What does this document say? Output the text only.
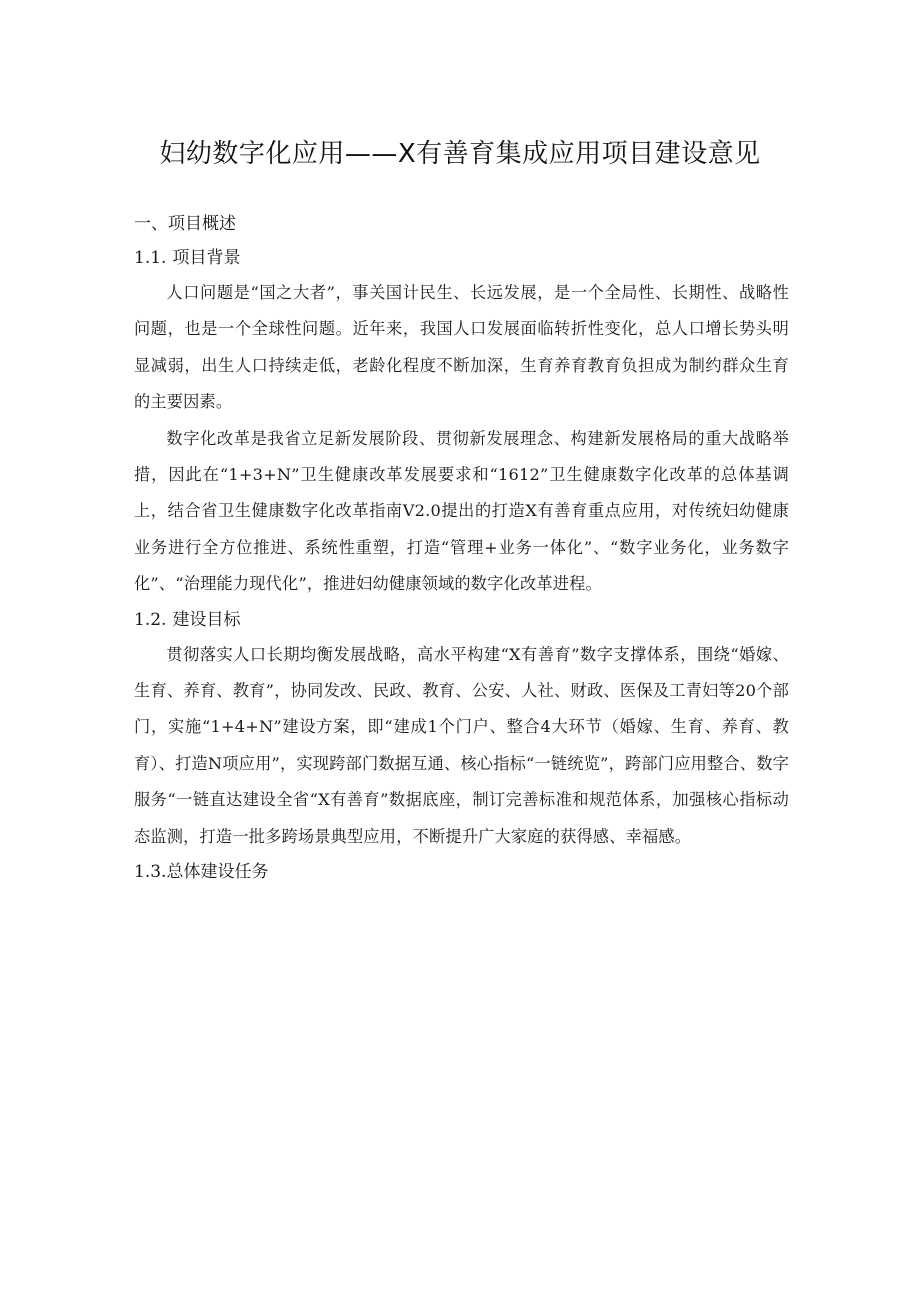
妇幼数字化应用——X有善育集成应用项目建设意见
一、项目概述
1.1. 项目背景

人口问题是“国之大者”，事关国计民生、长远发展，是一个全局性、长期性、战略性问题，也是一个全球性问题。近年来，我国人口发展面临转折性变化，总人口增长势头明显减弱，出生人口持续走低，老龄化程度不断加深，生育养育教育负担成为制约群众生育的主要因素。

数字化改革是我省立足新发展阶段、贯彻新发展理念、构建新发展格局的重大战略举措，因此在“1+3+N”卫生健康改革发展要求和“1612”卫生健康数字化改革的总体基调上，结合省卫生健康数字化改革指南V2.0提出的打造X有善育重点应用，对传统妇幼健康业务进行全方位推进、系统性重塑，打造“管理+业务一体化”、“数字业务化，业务数字化”、“治理能力现代化”，推进妇幼健康领域的数字化改革进程。

1.2. 建设目标

贯彻落实人口长期均衡发展战略，高水平构建“X有善育”数字支撑体系，围绕“婚嫁、生育、养育、教育”，协同发改、民政、教育、公安、人社、财政、医保及工青妇等20个部门，实施“1+4+N”建设方案，即“建成1个门户、整合4大环节（婚嫁、生育、养育、教育）、打造N项应用”，实现跨部门数据互通、核心指标“一链统览”，跨部门应用整合、数字服务“一链直达建设全省“X有善育”数据底座，制订完善标准和规范体系，加强核心指标动态监测，打造一批多跨场景典型应用，不断提升广大家庭的获得感、幸福感。

1.3.总体建设任务
